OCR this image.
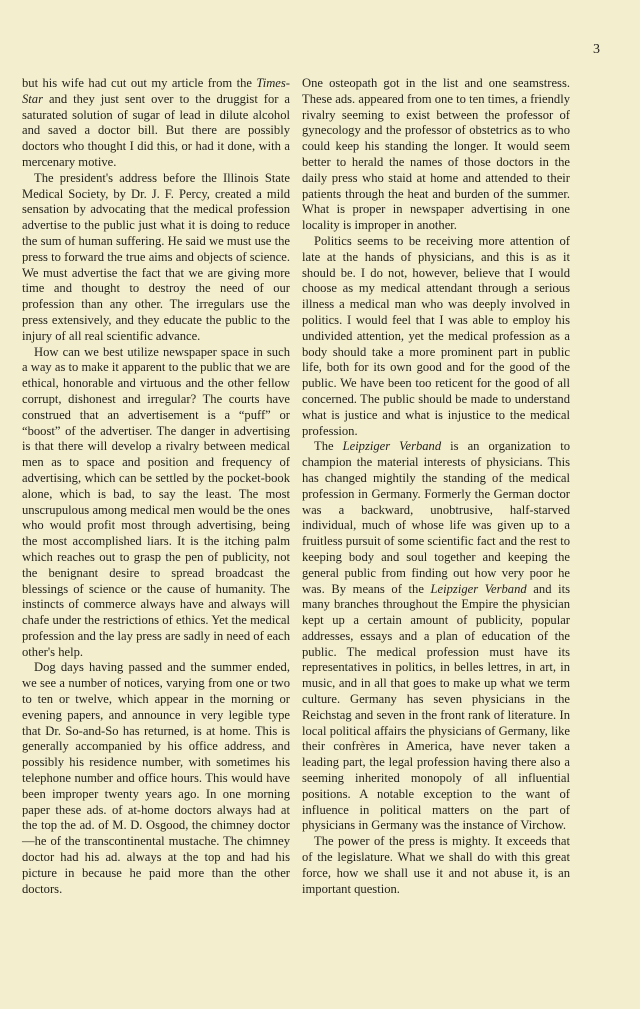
3

but his wife had cut out my article from the Times-Star and they just sent over to the druggist for a saturated solution of sugar of lead in dilute alcohol and saved a doctor bill. But there are possibly doctors who thought I did this, or had it done, with a mercenary motive.

The president's address before the Illinois State Medical Society, by Dr. J. F. Percy, created a mild sensation by advocating that the medical profession advertise to the public just what it is doing to reduce the sum of human suffering. He said we must use the press to forward the true aims and objects of science. We must advertise the fact that we are giving more time and thought to destroy the need of our profession than any other. The irregulars use the press extensively, and they educate the public to the injury of all real scientific advance.

How can we best utilize newspaper space in such a way as to make it apparent to the public that we are ethical, honorable and virtuous and the other fellow corrupt, dishonest and irregular? The courts have construed that an advertisement is a “puff” or “boost” of the advertiser. The danger in advertising is that there will develop a rivalry between medical men as to space and position and frequency of advertising, which can be settled by the pocket-book alone, which is bad, to say the least. The most unscrupulous among medical men would be the ones who would profit most through advertising, being the most accomplished liars. It is the itching palm which reaches out to grasp the pen of publicity, not the benignant desire to spread broadcast the blessings of science or the cause of humanity. The instincts of commerce always have and always will chafe under the restrictions of ethics. Yet the medical profession and the lay press are sadly in need of each other's help.

Dog days having passed and the summer ended, we see a number of notices, varying from one or two to ten or twelve, which appear in the morning or evening papers, and announce in very legible type that Dr. So-and-So has returned, is at home. This is generally accompanied by his office address, and possibly his residence number, with sometimes his telephone number and office hours. This would have been improper twenty years ago. In one morning paper these ads. of at-home doctors always had at the top the ad. of M. D. Osgood, the chimney doctor—he of the transcontinental mustache. The chimney doctor had his ad. always at the top and had his picture in because he paid more than the other doctors.

One osteopath got in the list and one seamstress. These ads. appeared from one to ten times, a friendly rivalry seeming to exist between the professor of gynecology and the professor of obstetrics as to who could keep his standing the longer. It would seem better to herald the names of those doctors in the daily press who staid at home and attended to their patients through the heat and burden of the summer. What is proper in newspaper advertising in one locality is improper in another.

Politics seems to be receiving more attention of late at the hands of physicians, and this is as it should be. I do not, however, believe that I would choose as my medical attendant through a serious illness a medical man who was deeply involved in politics. I would feel that I was able to employ his undivided attention, yet the medical profession as a body should take a more prominent part in public life, both for its own good and for the good of the public. We have been too reticent for the good of all concerned. The public should be made to understand what is justice and what is injustice to the medical profession.

The Leipziger Verband is an organization to champion the material interests of physicians. This has changed mightily the standing of the medical profession in Germany. Formerly the German doctor was a backward, unobtrusive, half-starved individual, much of whose life was given up to a fruitless pursuit of some scientific fact and the rest to keeping body and soul together and keeping the general public from finding out how very poor he was. By means of the Leipziger Verband and its many branches throughout the Empire the physician kept up a certain amount of publicity, popular addresses, essays and a plan of education of the public. The medical profession must have its representatives in politics, in belles lettres, in art, in music, and in all that goes to make up what we term culture. Germany has seven physicians in the Reichstag and seven in the front rank of literature. In local political affairs the physicians of Germany, like their confrères in America, have never taken a leading part, the legal profession having there also a seeming inherited monopoly of all influential positions. A notable exception to the want of influence in political matters on the part of physicians in Germany was the instance of Virchow.

The power of the press is mighty. It exceeds that of the legislature. What we shall do with this great force, how we shall use it and not abuse it, is an important question.
